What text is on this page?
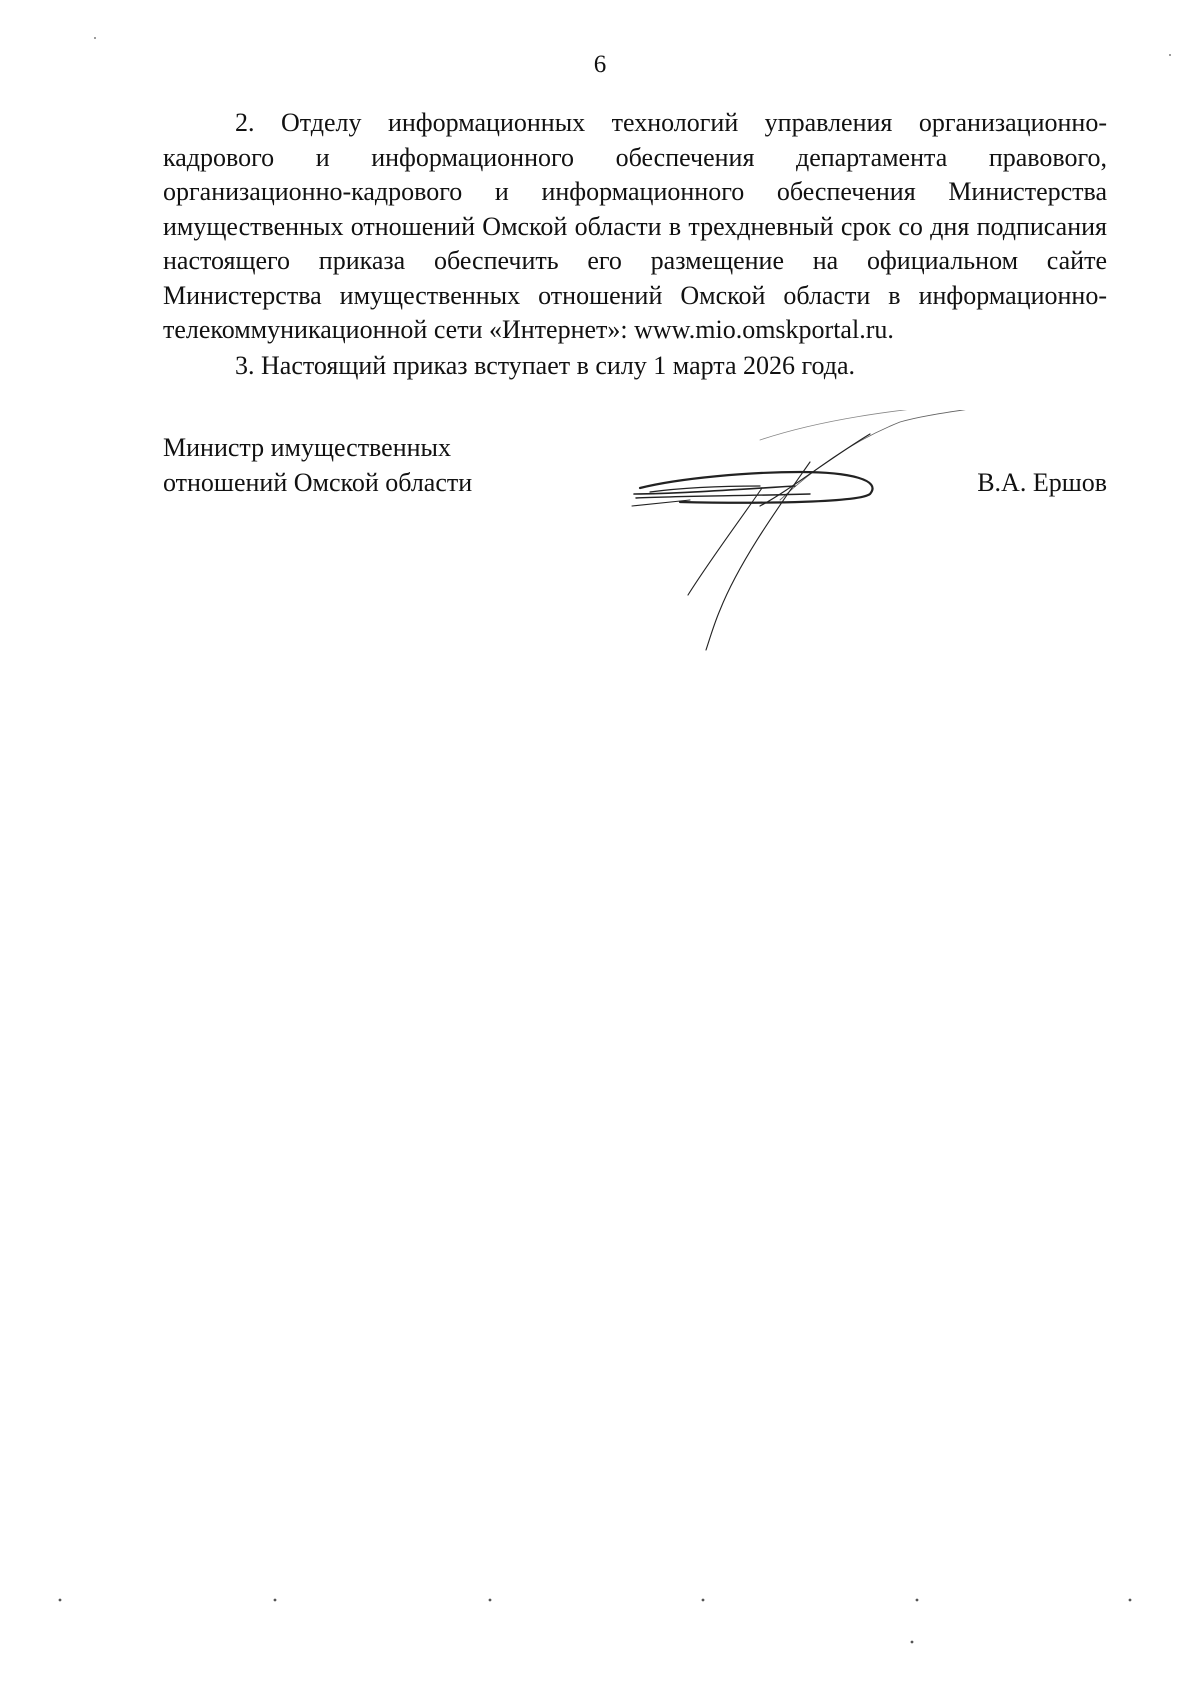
6

2. Отделу информационных технологий управления организационно-кадрового и информационного обеспечения департамента правового, организационно-кадрового и информационного обеспечения Министерства имущественных отношений Омской области в трехдневный срок со дня подписания настоящего приказа обеспечить его размещение на официальном сайте Министерства имущественных отношений Омской области в информационно-телекоммуникационной сети «Интернет»: www.mio.omskportal.ru.

3. Настоящий приказ вступает в силу 1 марта 2026 года.

Министр имущественных
отношений Омской области	В.А. Ершов
